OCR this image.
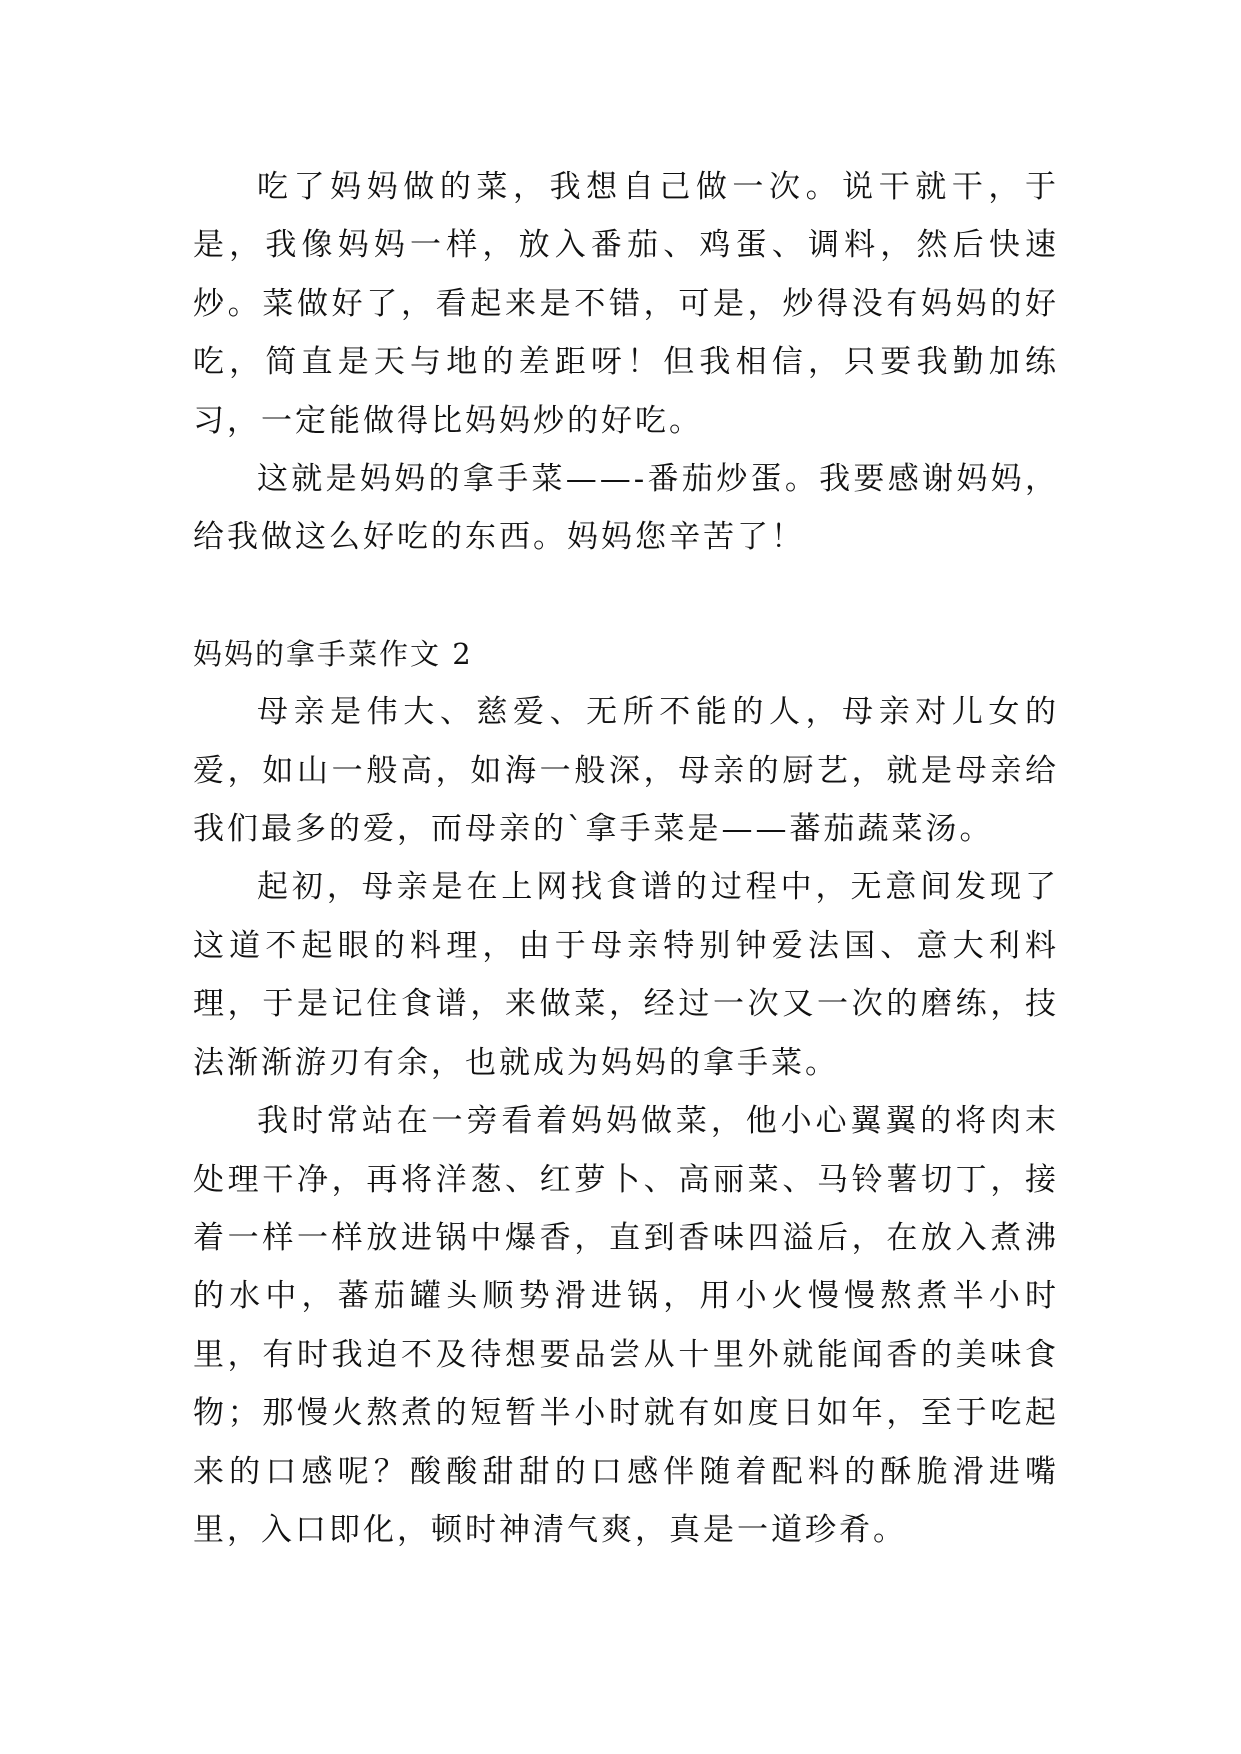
吃了妈妈做的菜，我想自己做一次。说干就干，于是，我像妈妈一样，放入番茄、鸡蛋、调料，然后快速炒。菜做好了，看起来是不错，可是，炒得没有妈妈的好吃，简直是天与地的差距呀！但我相信，只要我勤加练习，一定能做得比妈妈炒的好吃。

这就是妈妈的拿手菜——-番茄炒蛋。我要感谢妈妈，给我做这么好吃的东西。妈妈您辛苦了！

妈妈的拿手菜作文 2

母亲是伟大、慈爱、无所不能的人，母亲对儿女的爱，如山一般高，如海一般深，母亲的厨艺，就是母亲给我们最多的爱，而母亲的`拿手菜是——蕃茄蔬菜汤。

起初，母亲是在上网找食谱的过程中，无意间发现了这道不起眼的料理，由于母亲特别钟爱法国、意大利料理，于是记住食谱，来做菜，经过一次又一次的磨练，技法渐渐游刃有余，也就成为妈妈的拿手菜。

我时常站在一旁看着妈妈做菜，他小心翼翼的将肉末处理干净，再将洋葱、红萝卜、高丽菜、马铃薯切丁，接着一样一样放进锅中爆香，直到香味四溢后，在放入煮沸的水中，蕃茄罐头顺势滑进锅，用小火慢慢熬煮半小时里，有时我迫不及待想要品尝从十里外就能闻香的美味食物；那慢火熬煮的短暂半小时就有如度日如年，至于吃起来的口感呢？酸酸甜甜的口感伴随着配料的酥脆滑进嘴里，入口即化，顿时神清气爽，真是一道珍肴。
